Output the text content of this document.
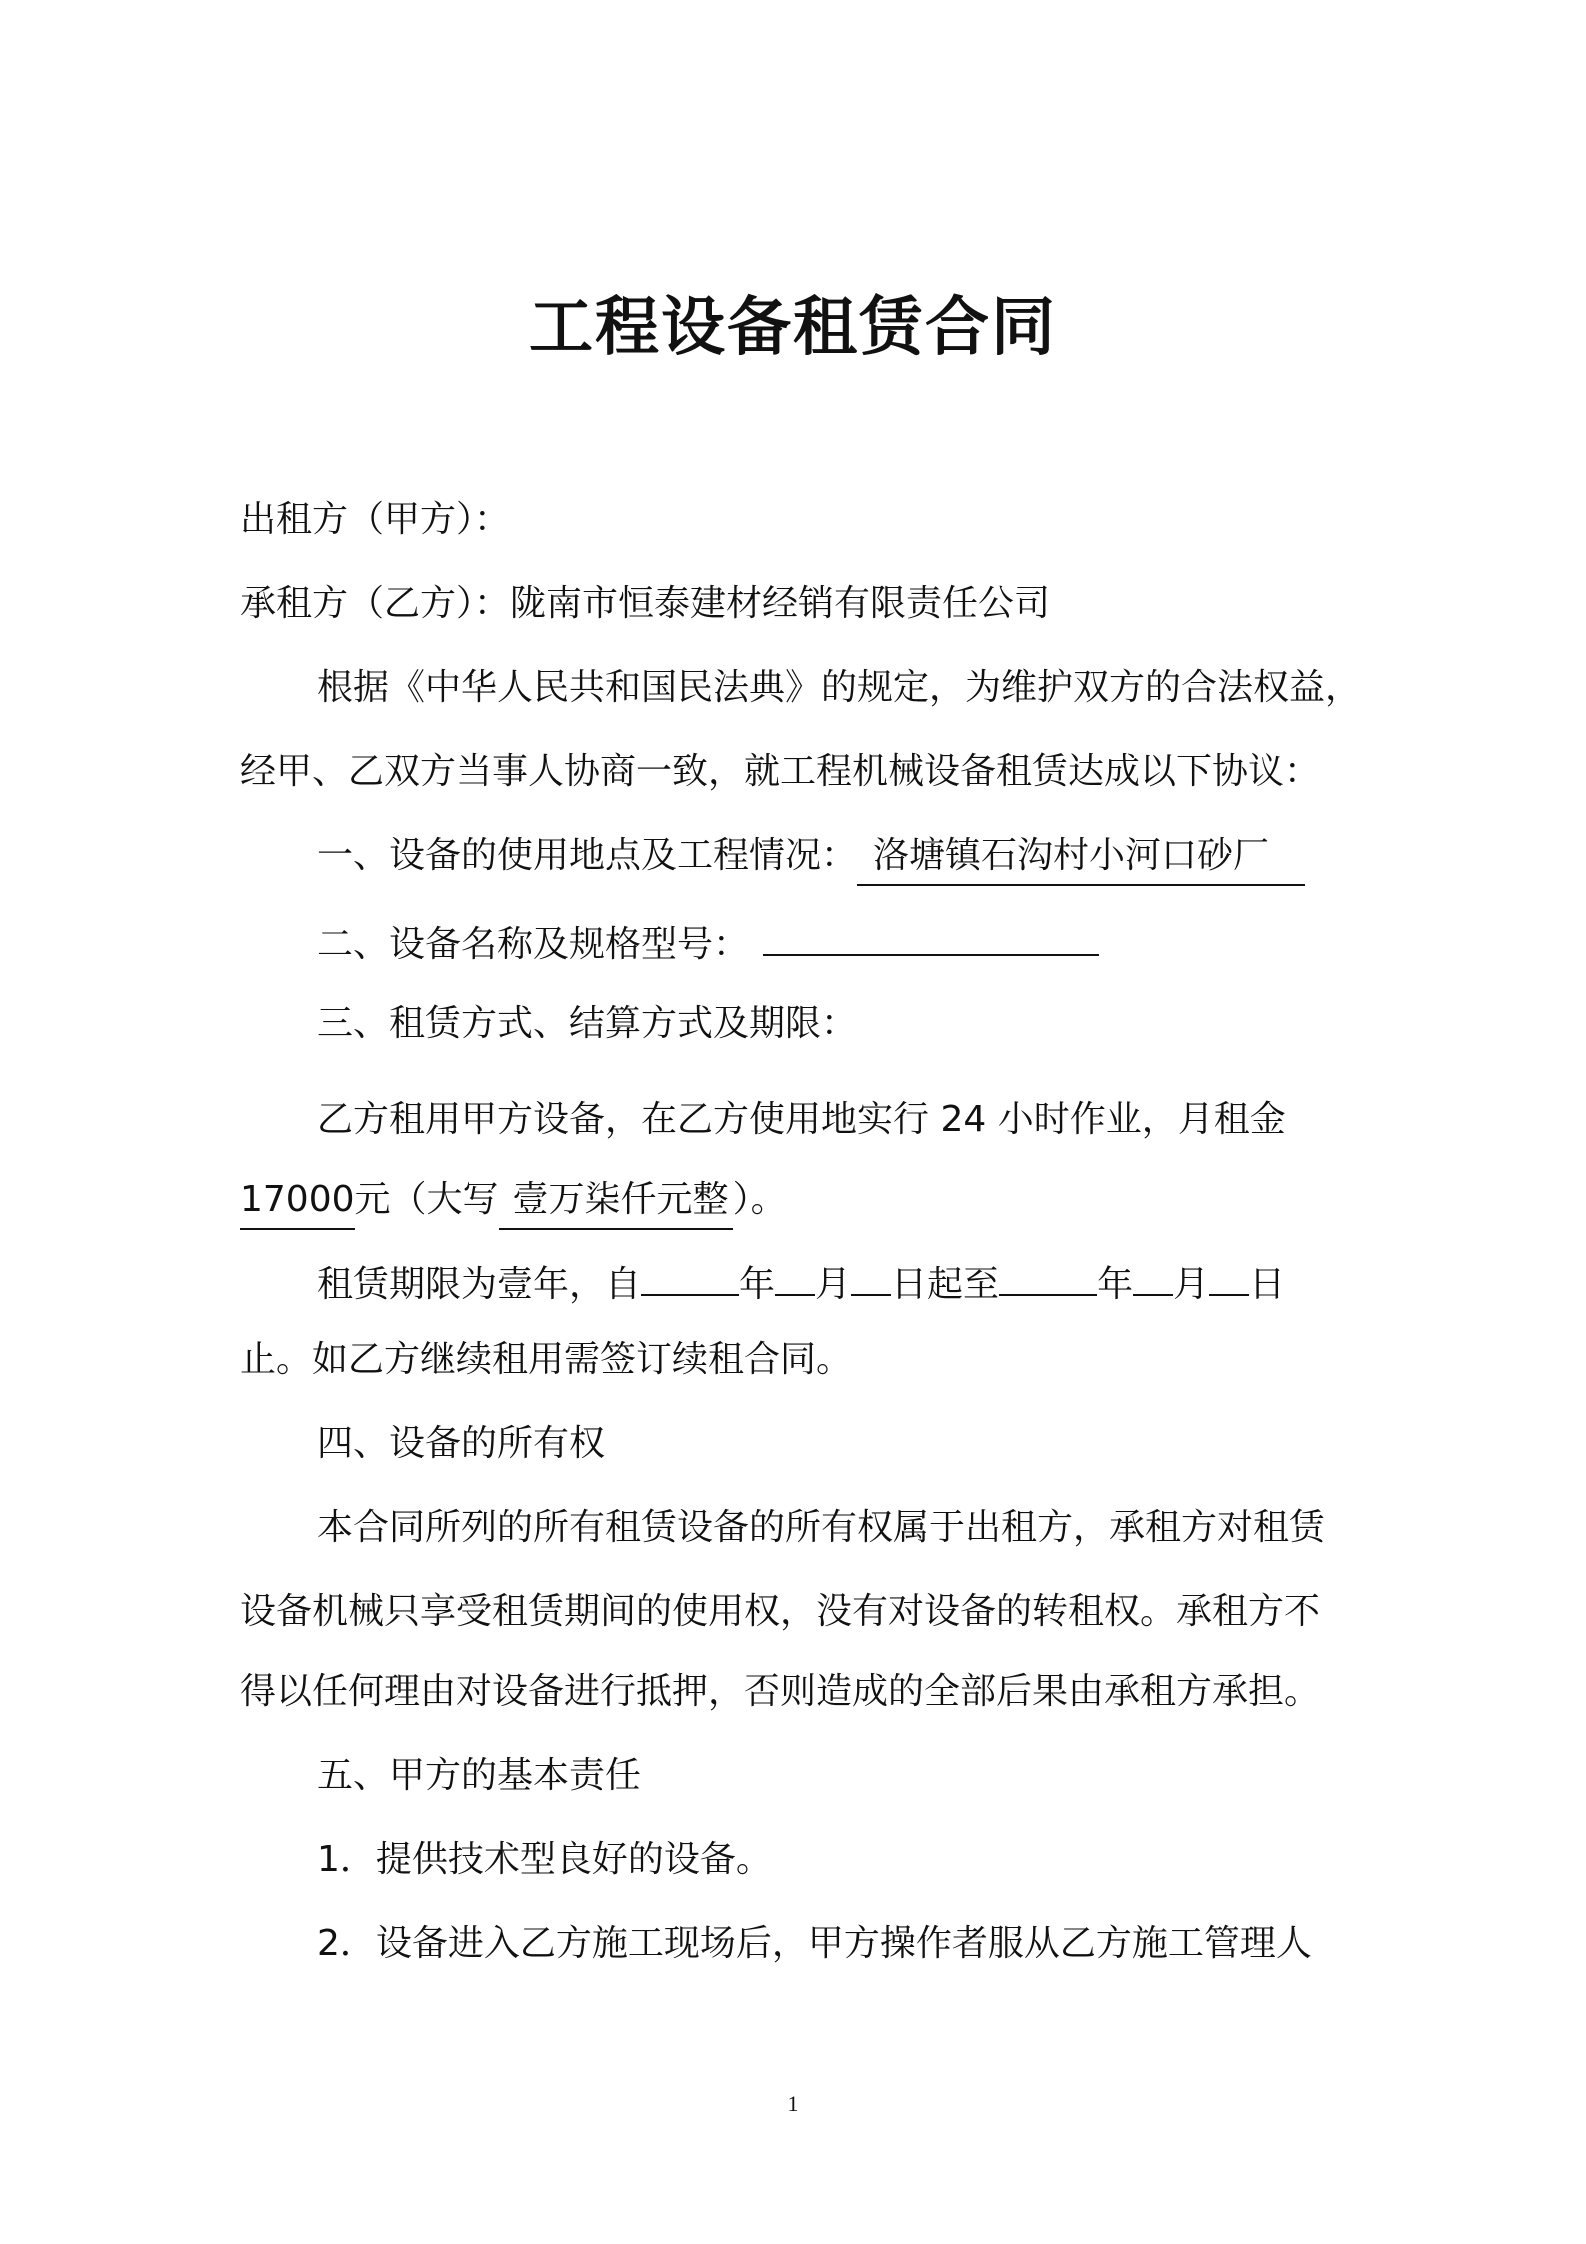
工程设备租赁合同
出租方（甲方）：
承租方（乙方）：陇南市恒泰建材经销有限责任公司
根据《中华人民共和国民法典》的规定，为维护双方的合法权益，
经甲、乙双方当事人协商一致，就工程机械设备租赁达成以下协议：
一、设备的使用地点及工程情况： 洛塘镇石沟村小河口砂厂
二、设备名称及规格型号：
三、租赁方式、结算方式及期限：
乙方租用甲方设备，在乙方使用地实行 24 小时作业，月租金
17000元（大写 壹万柒仟元整 ）。
租赁期限为壹年，自	年 月 日起至	年 月 日
止。如乙方继续租用需签订续租合同。
四、设备的所有权
本合同所列的所有租赁设备的所有权属于出租方，承租方对租赁
设备机械只享受租赁期间的使用权，没有对设备的转租权。承租方不
得以任何理由对设备进行抵押，否则造成的全部后果由承租方承担。
五、甲方的基本责任
1．提供技术型良好的设备。
2．设备进入乙方施工现场后，甲方操作者服从乙方施工管理人
1
